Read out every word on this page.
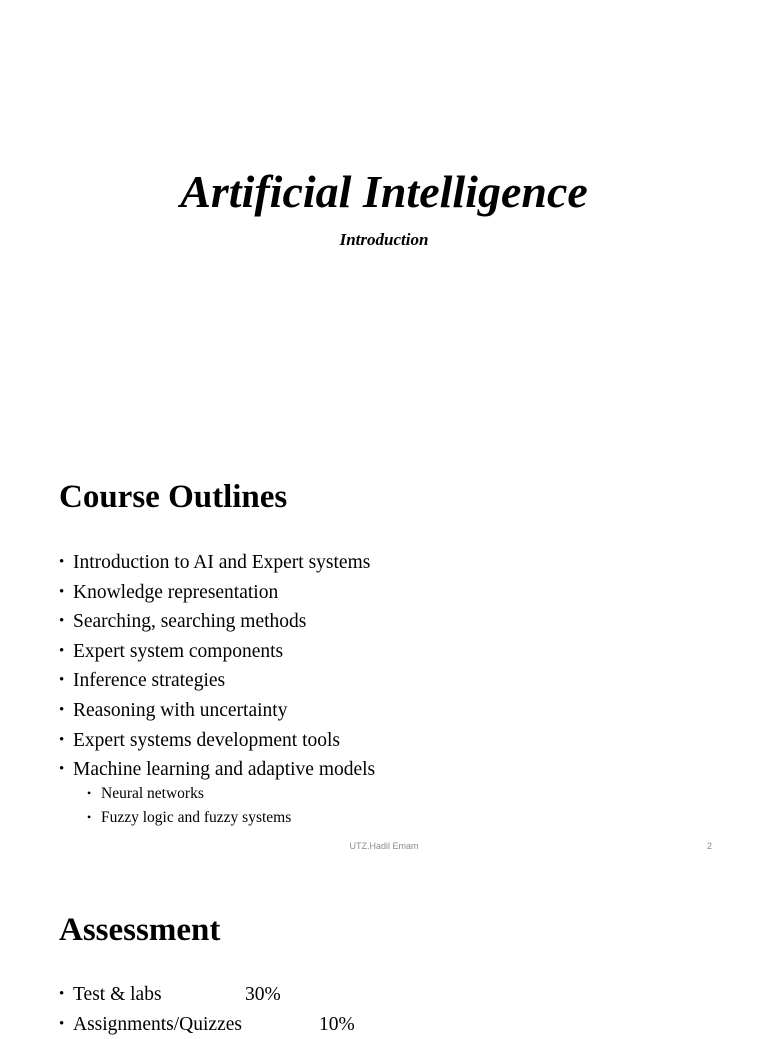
Artificial Intelligence
Introduction
Course Outlines
• Introduction to AI and Expert systems
• Knowledge representation
• Searching, searching methods
• Expert system components
• Inference strategies
• Reasoning with uncertainty
• Expert systems development tools
• Machine learning and adaptive models
• Neural networks
• Fuzzy logic and fuzzy systems
UTZ.Hadil Emam	2
Assessment
• Test & labs	30%
• Assignments/Quizzes	10%
